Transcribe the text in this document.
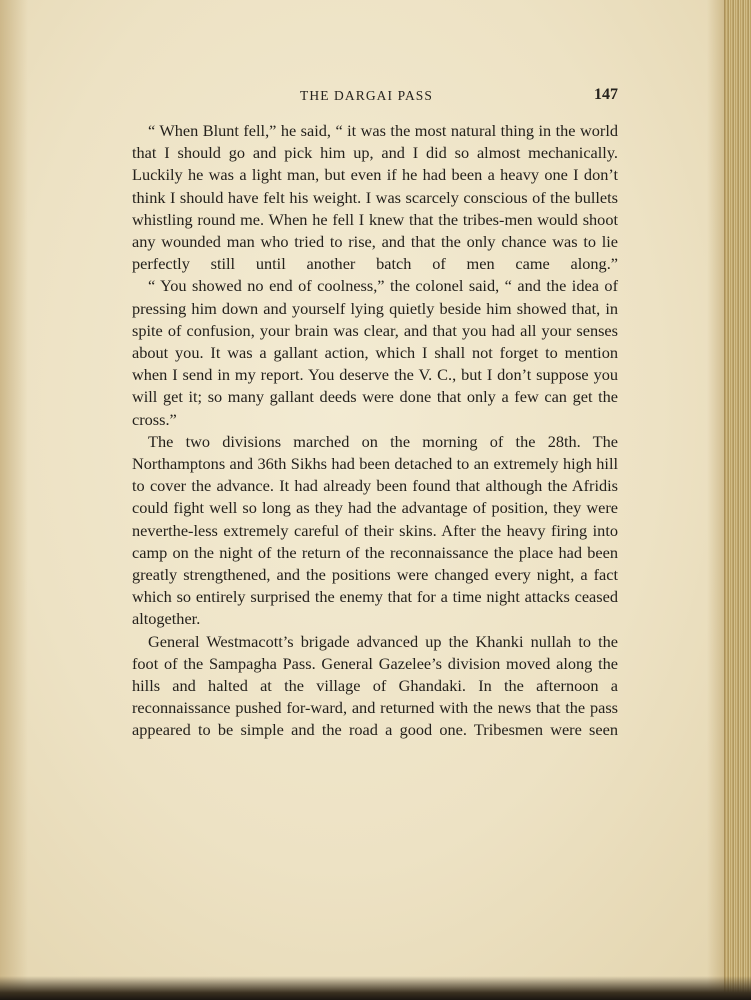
THE DARGAI PASS	147

“ When Blunt fell,” he said, “ it was the most natural thing in the world that I should go and pick him up, and I did so almost mechanically. Luckily he was a light man, but even if he had been a heavy one I don’t think I should have felt his weight. I was scarcely conscious of the bullets whistling round me. When he fell I knew that the tribes-men would shoot any wounded man who tried to rise, and that the only chance was to lie perfectly still until another batch of men came along.”

“ You showed no end of coolness,” the colonel said, “ and the idea of pressing him down and yourself lying quietly beside him showed that, in spite of confusion, your brain was clear, and that you had all your senses about you. It was a gallant action, which I shall not forget to mention when I send in my report. You deserve the V. C., but I don’t suppose you will get it; so many gallant deeds were done that only a few can get the cross.”

The two divisions marched on the morning of the 28th. The Northamptons and 36th Sikhs had been detached to an extremely high hill to cover the advance. It had already been found that although the Afridis could fight well so long as they had the advantage of position, they were neverthe-less extremely careful of their skins. After the heavy firing into camp on the night of the return of the reconnaissance the place had been greatly strengthened, and the positions were changed every night, a fact which so entirely surprised the enemy that for a time night attacks ceased altogether.

General Westmacott’s brigade advanced up the Khanki nullah to the foot of the Sampagha Pass. General Gazelee’s division moved along the hills and halted at the village of Ghandaki. In the afternoon a reconnaissance pushed for-ward, and returned with the news that the pass appeared to be simple and the road a good one. Tribesmen were seen
